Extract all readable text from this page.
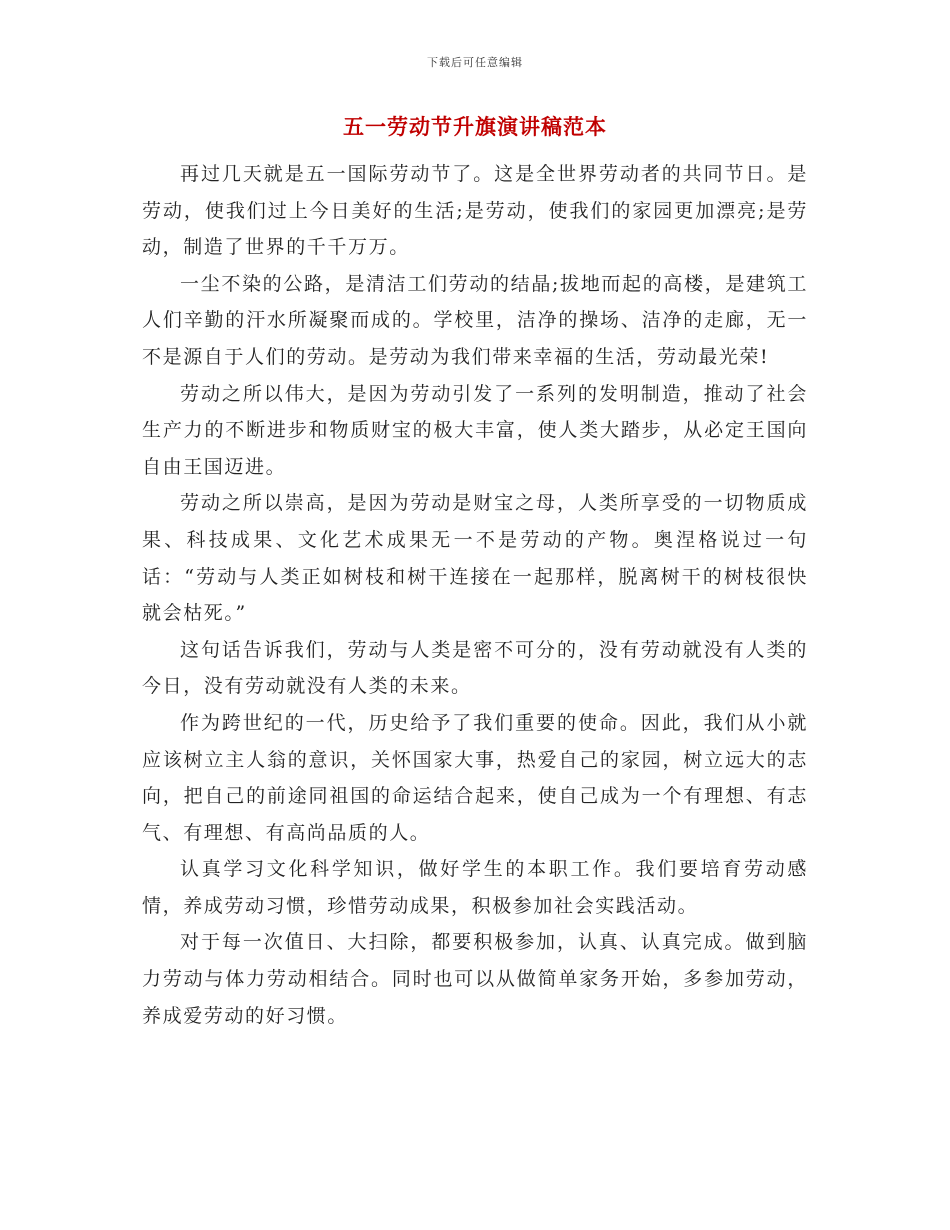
下载后可任意编辑
五一劳动节升旗演讲稿范本

再过几天就是五一国际劳动节了。这是全世界劳动者的共同节日。是劳动，使我们过上今日美好的生活;是劳动，使我们的家园更加漂亮;是劳动，制造了世界的千千万万。

一尘不染的公路，是清洁工们劳动的结晶;拔地而起的高楼，是建筑工人们辛勤的汗水所凝聚而成的。学校里，洁净的操场、洁净的走廊，无一不是源自于人们的劳动。是劳动为我们带来幸福的生活，劳动最光荣!

劳动之所以伟大，是因为劳动引发了一系列的发明制造，推动了社会生产力的不断进步和物质财宝的极大丰富，使人类大踏步，从必定王国向自由王国迈进。

劳动之所以崇高，是因为劳动是财宝之母，人类所享受的一切物质成果、科技成果、文化艺术成果无一不是劳动的产物。奥涅格说过一句话：“劳动与人类正如树枝和树干连接在一起那样，脱离树干的树枝很快就会枯死。”

这句话告诉我们，劳动与人类是密不可分的，没有劳动就没有人类的今日，没有劳动就没有人类的未来。

作为跨世纪的一代，历史给予了我们重要的使命。因此，我们从小就应该树立主人翁的意识，关怀国家大事，热爱自己的家园，树立远大的志向，把自己的前途同祖国的命运结合起来，使自己成为一个有理想、有志气、有理想、有高尚品质的人。

认真学习文化科学知识，做好学生的本职工作。我们要培育劳动感情，养成劳动习惯，珍惜劳动成果，积极参加社会实践活动。

对于每一次值日、大扫除，都要积极参加，认真、认真完成。做到脑力劳动与体力劳动相结合。同时也可以从做简单家务开始，多参加劳动，养成爱劳动的好习惯。
